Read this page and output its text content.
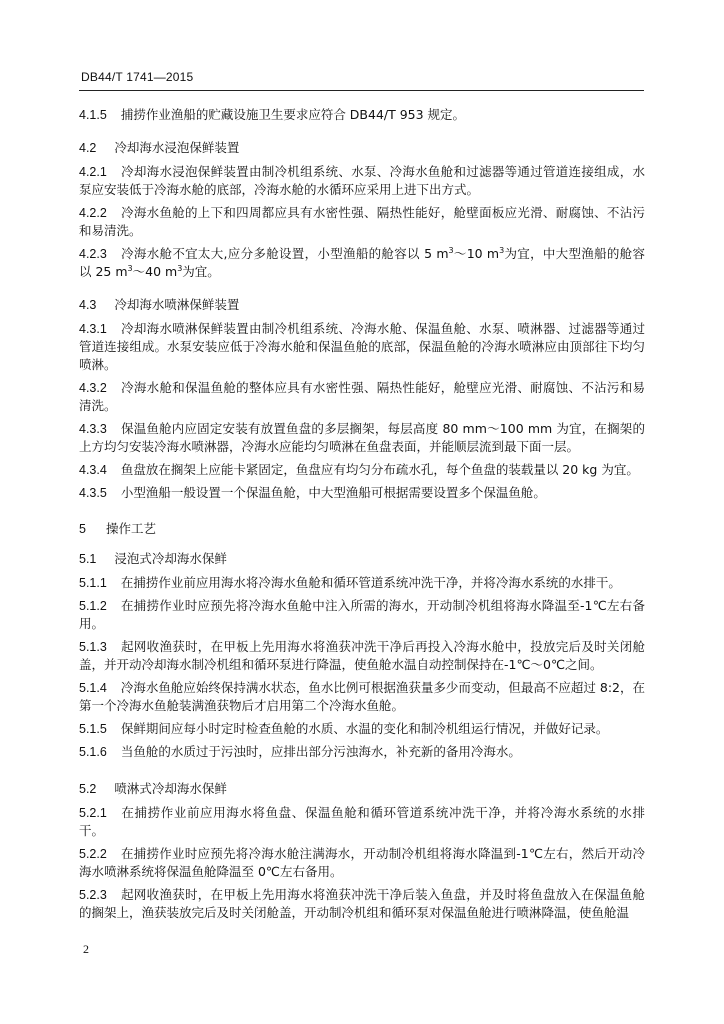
DB44/T 1741—2015

4.1.5 捕捞作业渔船的贮藏设施卫生要求应符合 DB44/T 953 规定。

4.2 冷却海水浸泡保鲜装置

4.2.1 冷却海水浸泡保鲜装置由制冷机组系统、水泵、冷海水鱼舱和过滤器等通过管道连接组成，水泵应安装低于冷海水舱的底部，冷海水舱的水循环应采用上进下出方式。

4.2.2 冷海水鱼舱的上下和四周都应具有水密性强、隔热性能好，舱壁面板应光滑、耐腐蚀、不沾污和易清洗。

4.2.3 冷海水舱不宜太大,应分多舱设置，小型渔船的舱容以 5 $m^3\sim 10$ $m^3$为宜，中大型渔船的舱容以 25 $m^3\sim 40$ $m^3$为宜。

4.3 冷却海水喷淋保鲜装置

4.3.1 冷却海水喷淋保鲜装置由制冷机组系统、冷海水舱、保温鱼舱、水泵、喷淋器、过滤器等通过管道连接组成。水泵安装应低于冷海水舱和保温鱼舱的底部，保温鱼舱的冷海水喷淋应由顶部往下均匀喷淋。

4.3.2 冷海水舱和保温鱼舱的整体应具有水密性强、隔热性能好，舱壁应光滑、耐腐蚀、不沾污和易清洗。

4.3.3 保温鱼舱内应固定安装有放置鱼盘的多层搁架，每层高度 80 mm～100 mm 为宜，在搁架的上方均匀安装冷海水喷淋器，冷海水应能均匀喷淋在鱼盘表面，并能顺层流到最下面一层。

4.3.4 鱼盘放在搁架上应能卡紧固定，鱼盘应有均匀分布疏水孔，每个鱼盘的装载量以 20 kg 为宜。

4.3.5 小型渔船一般设置一个保温鱼舱，中大型渔船可根据需要设置多个保温鱼舱。

5 操作工艺
5.1 浸泡式冷却海水保鲜

5.1.1 在捕捞作业前应用海水将冷海水鱼舱和循环管道系统冲洗干净，并将冷海水系统的水排干。

5.1.2 在捕捞作业时应预先将冷海水鱼舱中注入所需的海水，开动制冷机组将海水降温至-1℃左右备用。

5.1.3 起网收渔获时，在甲板上先用海水将渔获冲洗干净后再投入冷海水舱中，投放完后及时关闭舱盖，并开动冷却海水制冷机组和循环泵进行降温，使鱼舱水温自动控制保持在-1℃～0℃之间。

5.1.4 冷海水鱼舱应始终保持满水状态，鱼水比例可根据渔获量多少而变动，但最高不应超过 8:2，在第一个冷海水鱼舱装满渔获物后才启用第二个冷海水鱼舱。

5.1.5 保鲜期间应每小时定时检查鱼舱的水质、水温的变化和制冷机组运行情况，并做好记录。

5.1.6 当鱼舱的水质过于污浊时，应排出部分污浊海水，补充新的备用冷海水。

5.2 喷淋式冷却海水保鲜

5.2.1 在捕捞作业前应用海水将鱼盘、保温鱼舱和循环管道系统冲洗干净，并将冷海水系统的水排干。

5.2.2 在捕捞作业时应预先将冷海水舱注满海水，开动制冷机组将海水降温到-1℃左右，然后开动冷海水喷淋系统将保温鱼舱降温至 0℃左右备用。

5.2.3 起网收渔获时，在甲板上先用海水将渔获冲洗干净后装入鱼盘，并及时将鱼盘放入在保温鱼舱的搁架上，渔获装放完后及时关闭舱盖，开动制冷机组和循环泵对保温鱼舱进行喷淋降温，使鱼舱温

2
